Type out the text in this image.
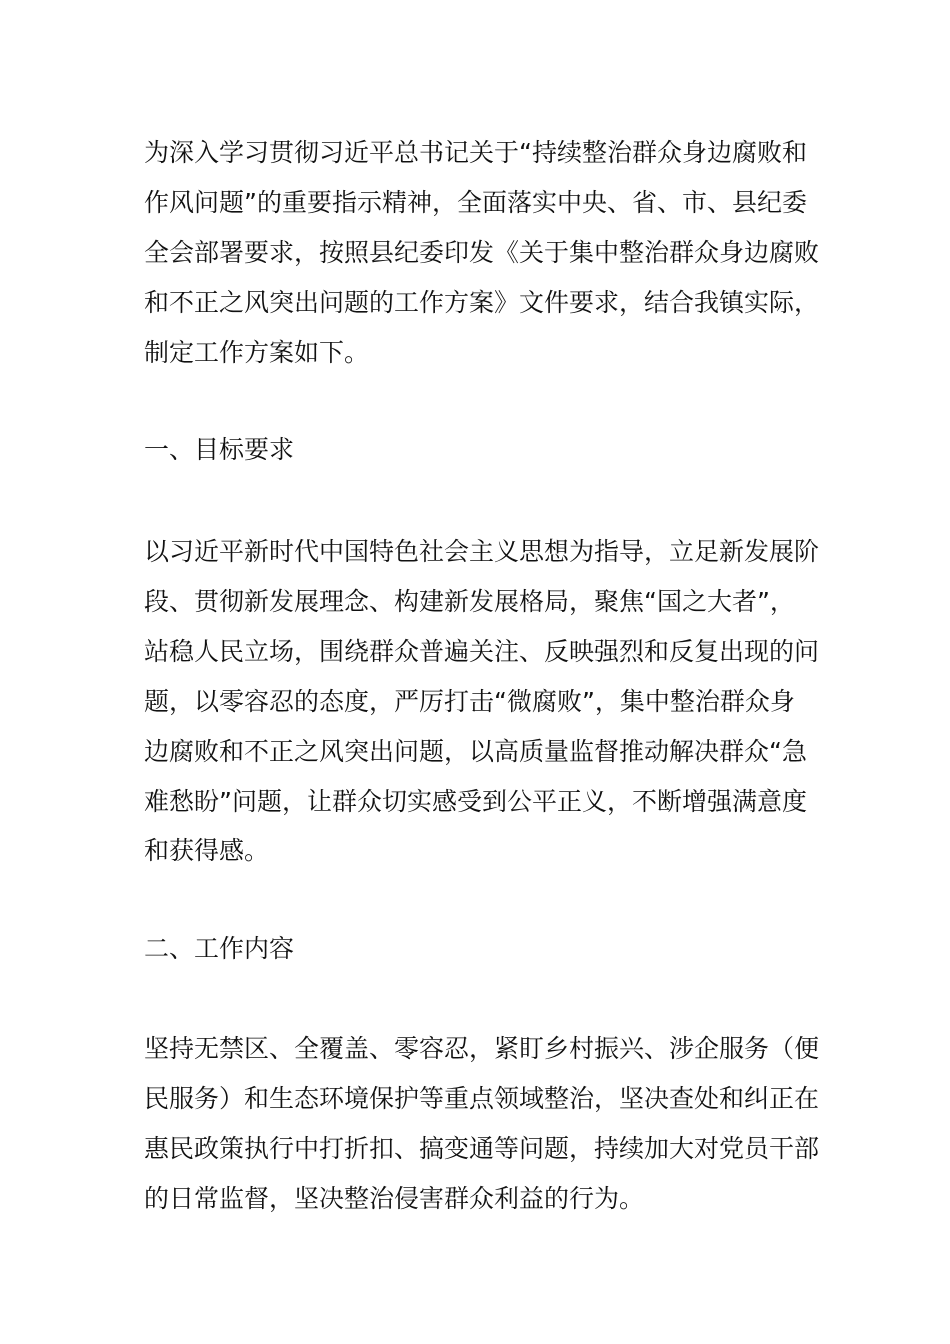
为深入学习贯彻习近平总书记关于“持续整治群众身边腐败和
作风问题”的重要指示精神，全面落实中央、省、市、县纪委
全会部署要求，按照县纪委印发《关于集中整治群众身边腐败
和不正之风突出问题的工作方案》文件要求，结合我镇实际，
制定工作方案如下。
一、目标要求
以习近平新时代中国特色社会主义思想为指导，立足新发展阶
段、贯彻新发展理念、构建新发展格局，聚焦“国之大者”，
站稳人民立场，围绕群众普遍关注、反映强烈和反复出现的问
题，以零容忍的态度，严厉打击“微腐败”，集中整治群众身
边腐败和不正之风突出问题，以高质量监督推动解决群众“急
难愁盼”问题，让群众切实感受到公平正义，不断增强满意度
和获得感。
二、工作内容
坚持无禁区、全覆盖、零容忍，紧盯乡村振兴、涉企服务（便
民服务）和生态环境保护等重点领域整治，坚决查处和纠正在
惠民政策执行中打折扣、搞变通等问题，持续加大对党员干部
的日常监督，坚决整治侵害群众利益的行为。
